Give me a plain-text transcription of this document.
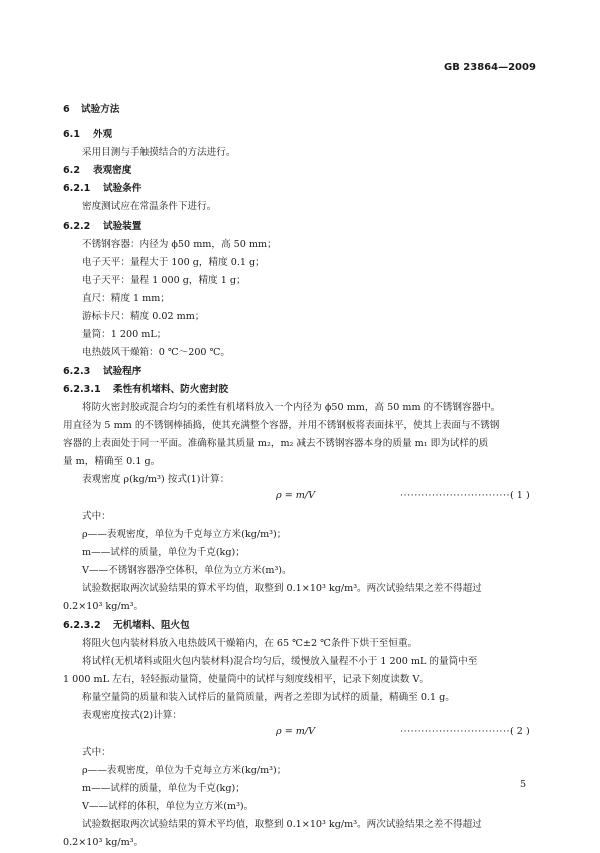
GB 23864—2009
6 试验方法
6.1 外观
采用目测与手触摸结合的方法进行。
6.2 表观密度
6.2.1 试验条件
密度测试应在常温条件下进行。
6.2.2 试验装置
不锈钢容器：内径为 ϕ50 mm，高 50 mm；
电子天平：量程大于 100 g，精度 0.1 g；
电子天平：量程 1 000 g，精度 1 g；
直尺：精度 1 mm；
游标卡尺：精度 0.02 mm；
量筒：1 200 mL；
电热鼓风干燥箱：0 ℃～200 ℃。
6.2.3 试验程序
6.2.3.1 柔性有机堵料、防火密封胶
将防火密封胶或混合均匀的柔性有机堵料放入一个内径为 ϕ50 mm，高 50 mm 的不锈钢容器中。
用直径为 5 mm 的不锈钢棒插捣，使其充满整个容器，并用不锈钢板将表面抹平，使其上表面与不锈钢
容器的上表面处于同一平面。准确称量其质量 m₂，m₂ 减去不锈钢容器本身的质量 m₁ 即为试样的质
量 m，精确至 0.1 g。
表观密度 ρ(kg/m³) 按式(1)计算：
ρ = m/V	································
( 1 )
式中：
ρ——表观密度，单位为千克每立方米(kg/m³)；
m——试样的质量，单位为千克(kg)；
V——不锈钢容器净空体积，单位为立方米(m³)。
试验数据取两次试验结果的算术平均值，取整到 0.1×10³ kg/m³。两次试验结果之差不得超过
0.2×10³ kg/m³。
6.2.3.2 无机堵料、阻火包
将阻火包内装材料放入电热鼓风干燥箱内，在 65 ℃±2 ℃条件下烘干至恒重。
将试样(无机堵料或阻火包内装材料)混合均匀后，缓慢放入量程不小于 1 200 mL 的量筒中至
1 000 mL 左右，轻轻振动量筒，使量筒中的试样与刻度线相平，记录下刻度读数 V。
称量空量筒的质量和装入试样后的量筒质量，两者之差即为试样的质量，精确至 0.1 g。
表观密度按式(2)计算：
ρ = m/V	································
( 2 )
式中：
ρ——表观密度，单位为千克每立方米(kg/m³)；
m——试样的质量，单位为千克(kg)；
V——试样的体积，单位为立方米(m³)。
试验数据取两次试验结果的算术平均值，取整到 0.1×10³ kg/m³。两次试验结果之差不得超过
0.2×10³ kg/m³。
5
